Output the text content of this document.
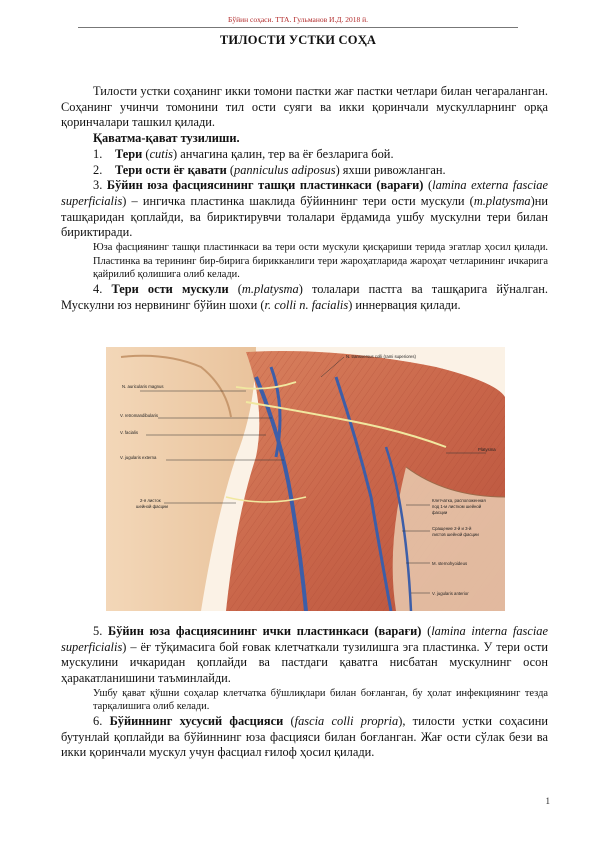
Бўйин соҳаси. ТТА. Гульманов И.Д. 2018 й.
ТИЛОСТИ УСТКИ СОҲА

Тилости устки соҳанинг икки томони пастки жағ пастки четлари билан чегараланган. Соҳанинг учинчи томонини тил ости суяги ва икки қоринчали мускулларнинг орқа қоринчалари ташкил қилади.

Қаватма-қават тузилиши.

1. Тери (cutis) анчагина қалин, тер ва ёғ безларига бой.

2. Тери ости ёғ қавати (panniculus adiposus) яхши ривожланган.

3. Бўйин юза фасциясининг ташқи пластинкаси (варағи) (lamina externa fasciae superficialis) – ингичка пластинка шаклида бўйиннинг тери ости мускули (m.platysma)ни ташқаридан қоплайди, ва бириктирувчи толалари ёрдамида ушбу мускулни тери билан бириктиради.

Юза фасциянинг ташқи пластинкаси ва тери ости мускули қисқариши терида эгатлар ҳосил қилади. Пластинка ва терининг бир-бирига бирикканлиги тери жароҳатларида жароҳат четларининг ичкарига қайрилиб қолишига олиб келади.

4. Тери ости мускули (m.platysma) толалари пастга ва ташқарига йўналган. Мускулни юз нервининг бўйин шохи (r. colli n. facialis) иннервация қилади.

N. transversus colli (rami superiores)
N. auricularis magnus
V. retromandibularis
V. facialis
V. jugularis externa
Platysma
2-я листок
шейной фасции
Клетчатка, расположенная
под 1-м листком шейной
фасции
Сращение 2-й и 3-й
листов шейной фасции
M. sternohyoideus
V. jugularis anterior

5. Бўйин юза фасциясининг ички пластинкаси (варағи) (lamina interna fasciae superficialis) – ёғ тўқимасига бой ғовак клетчаткали тузилишга эга пластинка. У тери ости мускулини ичкаридан қоплайди ва пастдаги қаватга нисбатан мускулнинг осон ҳаракатланишини таъминлайди.

Ушбу қават қўшни соҳалар клетчатка бўшлиқлари билан боғланган, бу ҳолат инфекциянинг тезда тарқалишига олиб келади.

6. Бўйиннинг хусусий фасцияси (fascia colli propria), тилости устки соҳасини бутунлай қоплайди ва бўйиннинг юза фасцияси билан боғланган. Жағ ости сўлак бези ва икки қоринчали мускул учун фасциал ғилоф ҳосил қилади.

1
